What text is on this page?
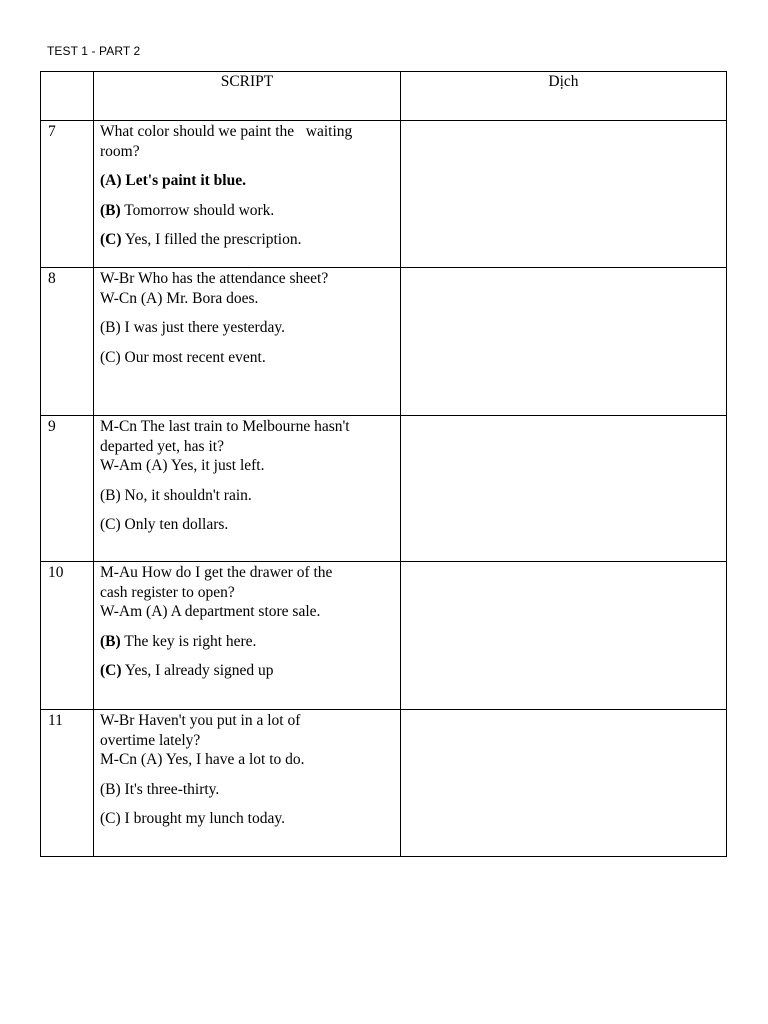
TEST 1 - PART 2
	SCRIPT	Dịch
7	What color should we paint the   waiting
room?
(A) Let's paint it blue.
(B) Tomorrow should work.
(C) Yes, I filled the prescription.	

8	W-Br Who has the attendance sheet?
W-Cn (A) Mr. Bora does.
(B) I was just there yesterday.
(C) Our most recent event.	

9	M-Cn The last train to Melbourne hasn't
departed yet, has it?
W-Am (A) Yes, it just left.
(B) No, it shouldn't rain.
(C) Only ten dollars.	

10	M-Au How do I get the drawer of the
cash register to open?
W-Am (A) A department store sale.
(B) The key is right here.
(C) Yes, I already signed up	

11	W-Br Haven't you put in a lot of
overtime lately?
M-Cn (A) Yes, I have a lot to do.
(B) It's three-thirty.
(C) I brought my lunch today.	
